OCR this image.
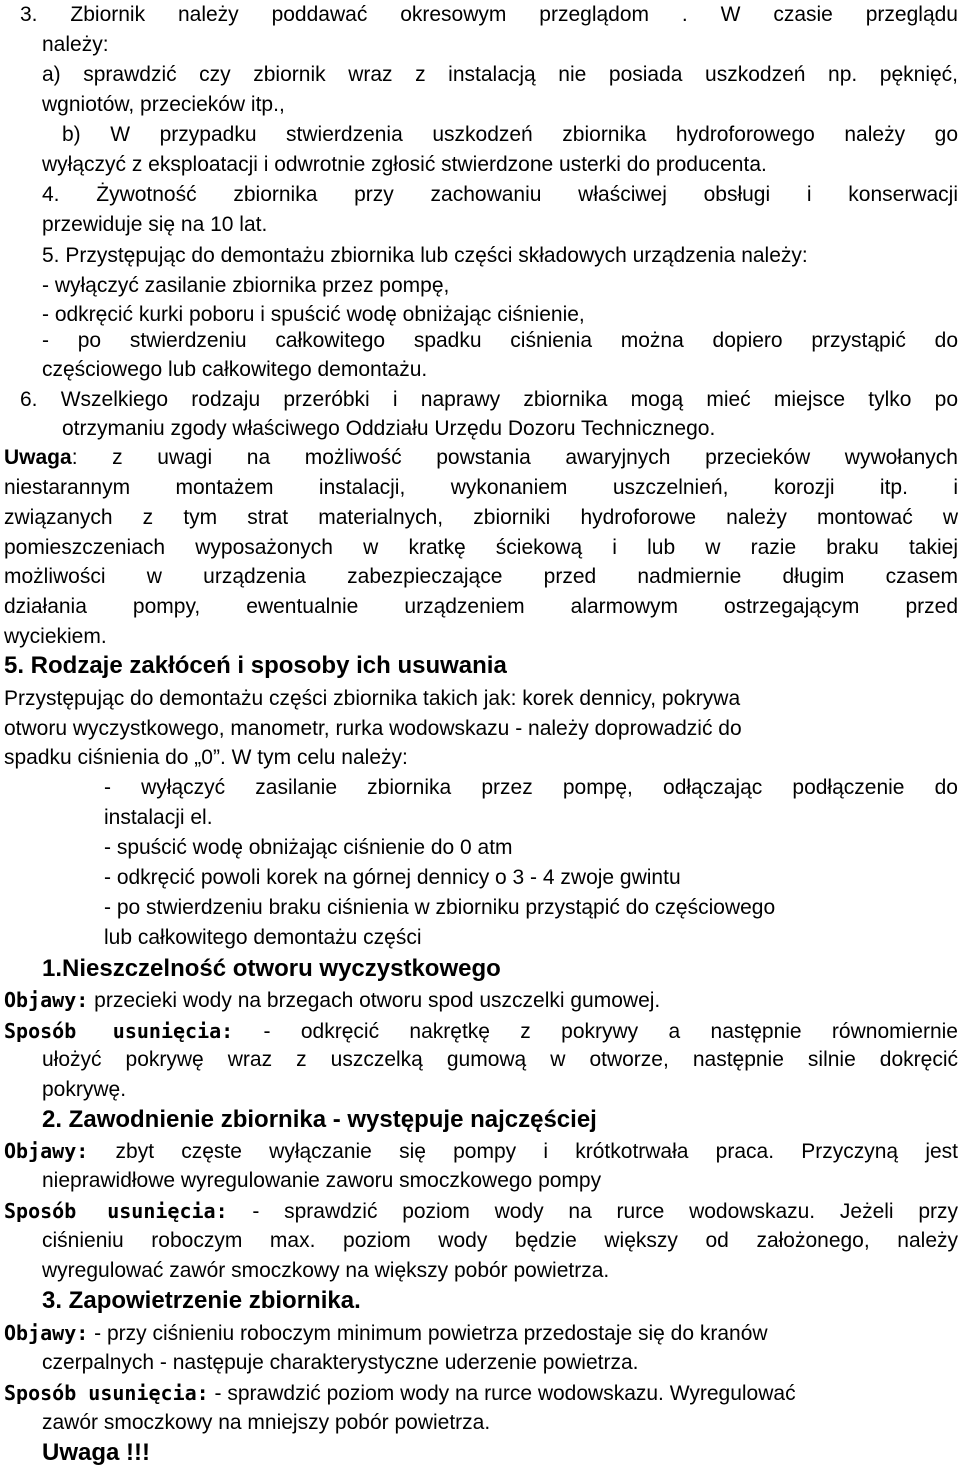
3. Zbiornik należy poddawać okresowym przeglądom . W czasie przeglądu
należy:
a) sprawdzić czy zbiornik wraz z instalacją nie posiada uszkodzeń np. pęknięć,
wgniotów, przecieków itp.,
b) W przypadku stwierdzenia uszkodzeń zbiornika hydroforowego należy go
wyłączyć z eksploatacji i odwrotnie zgłosić stwierdzone usterki do producenta.
4. Żywotność zbiornika przy zachowaniu właściwej obsługi i konserwacji
przewiduje się na 10 lat.
5. Przystępując do demontażu zbiornika lub części składowych urządzenia należy:
- wyłączyć zasilanie zbiornika przez pompę,
- odkręcić kurki poboru i spuścić wodę obniżając ciśnienie,
- po stwierdzeniu całkowitego spadku ciśnienia można dopiero przystąpić do
częściowego lub całkowitego demontażu.
6. Wszelkiego rodzaju przeróbki i naprawy zbiornika mogą mieć miejsce tylko po
otrzymaniu zgody właściwego Oddziału Urzędu Dozoru Technicznego.
Uwaga: z uwagi na możliwość powstania awaryjnych przecieków wywołanych
niestarannym montażem instalacji, wykonaniem uszczelnień, korozji itp. i
związanych z tym strat materialnych, zbiorniki hydroforowe należy montować w
pomieszczeniach wyposażonych w kratkę ściekową i lub w razie braku takiej
możliwości w urządzenia zabezpieczające przed nadmiernie długim czasem
działania pompy, ewentualnie urządzeniem alarmowym ostrzegającym przed
wyciekiem.
5. Rodzaje zakłóceń i sposoby ich usuwania
Przystępując do demontażu części zbiornika takich jak: korek dennicy, pokrywa
otworu wyczystkowego, manometr, rurka wodowskazu - należy doprowadzić do
spadku ciśnienia do „0”. W tym celu należy:
- wyłączyć zasilanie zbiornika przez pompę, odłączając podłączenie do
instalacji el.
- spuścić wodę obniżając ciśnienie do 0 atm
- odkręcić powoli korek na górnej dennicy o 3 - 4 zwoje gwintu
- po stwierdzeniu braku ciśnienia w zbiorniku przystąpić do częściowego
lub całkowitego demontażu części
1.Nieszczelność otworu wyczystkowego
Objawy: przecieki wody na brzegach otworu spod uszczelki gumowej.
Sposób usunięcia: - odkręcić nakrętkę z pokrywy a następnie równomiernie
ułożyć pokrywę wraz z uszczelką gumową w otworze, następnie silnie dokręcić
pokrywę.
2. Zawodnienie zbiornika - występuje najczęściej
Objawy: zbyt częste wyłączanie się pompy i krótkotrwała praca. Przyczyną jest
nieprawidłowe wyregulowanie zaworu smoczkowego pompy
Sposób usunięcia: - sprawdzić poziom wody na rurce wodowskazu. Jeżeli przy
ciśnieniu roboczym max. poziom wody będzie większy od założonego, należy
wyregulować zawór smoczkowy na większy pobór powietrza.
3. Zapowietrzenie zbiornika.
Objawy: - przy ciśnieniu roboczym minimum powietrza przedostaje się do kranów
czerpalnych - następuje charakterystyczne uderzenie powietrza.
Sposób usunięcia: - sprawdzić poziom wody na rurce wodowskazu. Wyregulować
zawór smoczkowy na mniejszy pobór powietrza.
Uwaga !!!
